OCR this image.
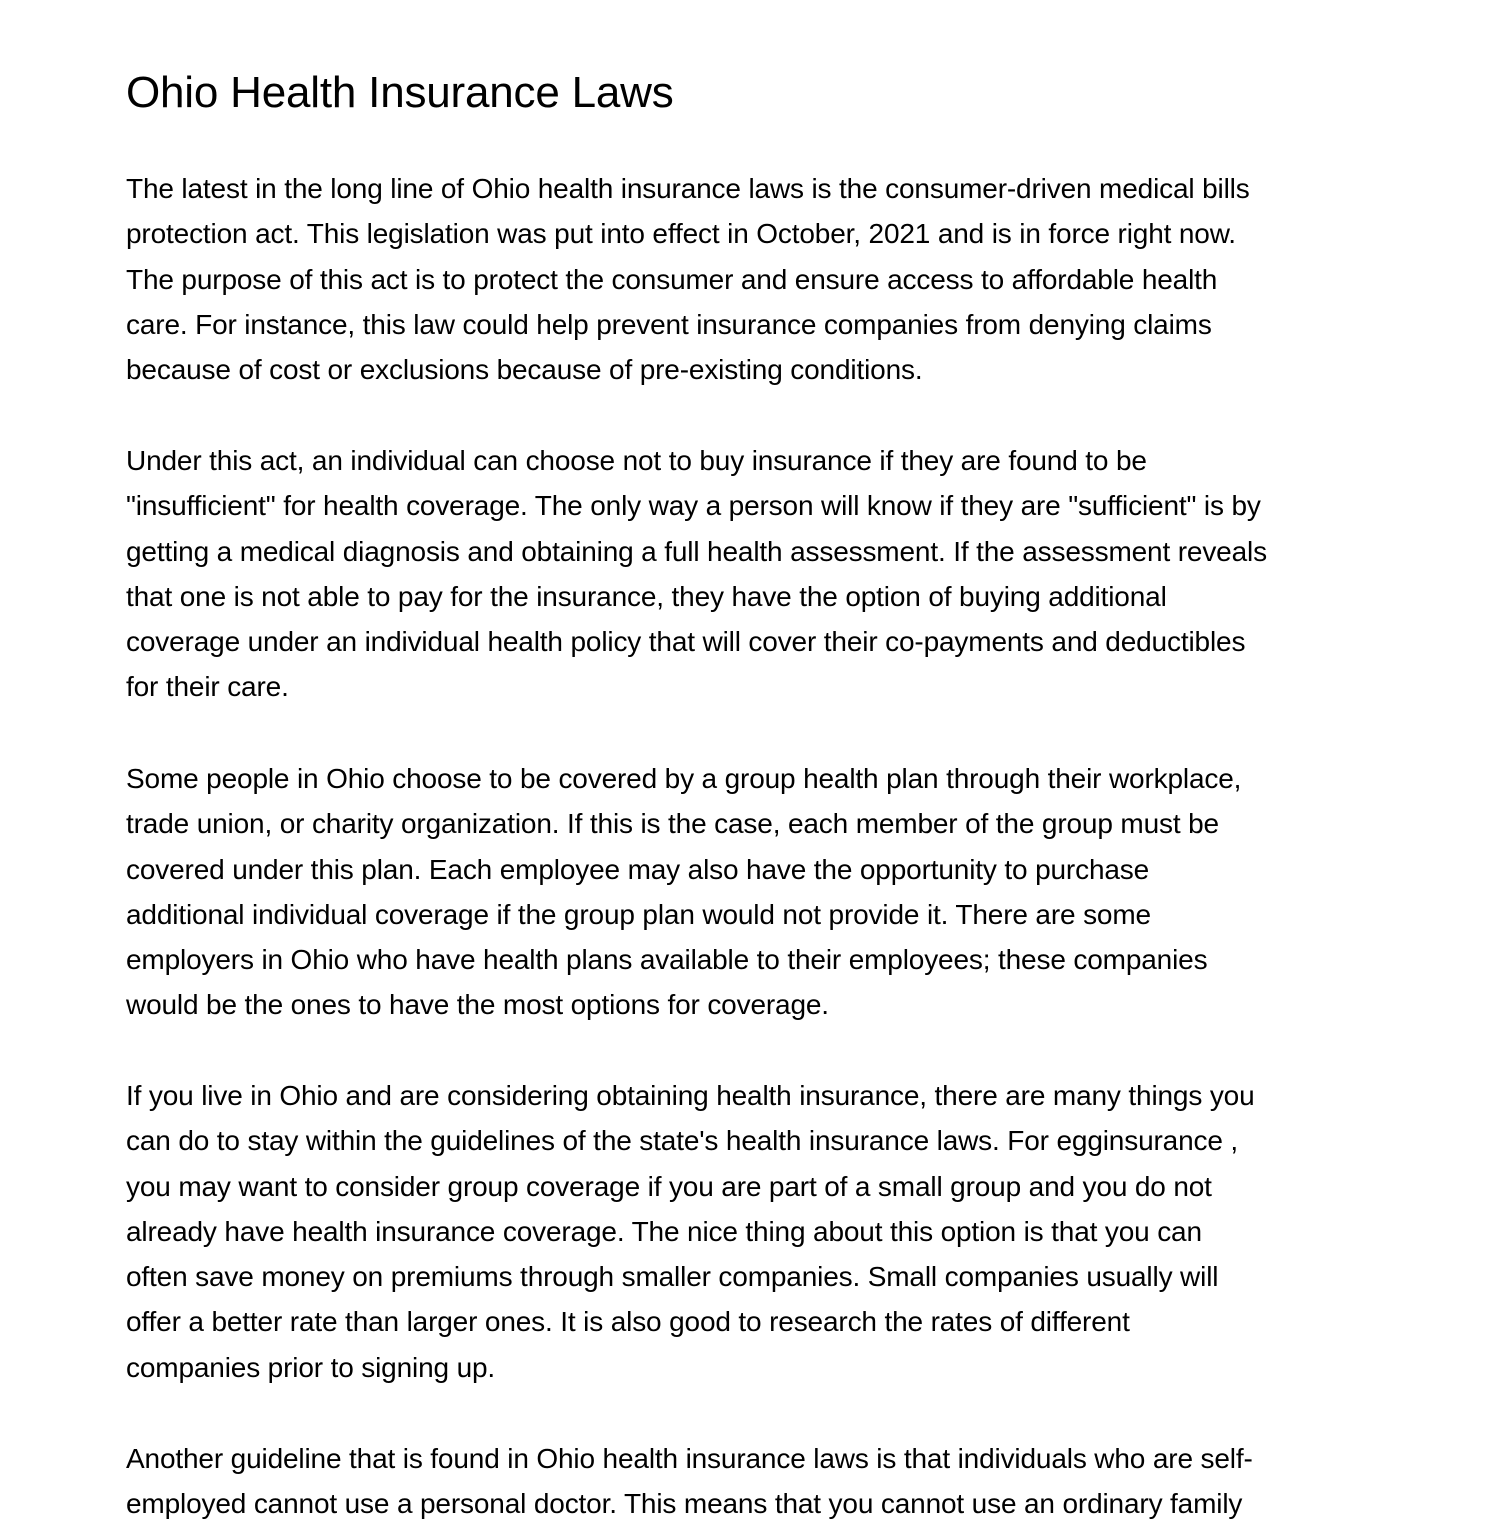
Ohio Health Insurance Laws

The latest in the long line of Ohio health insurance laws is the consumer-driven medical bills
protection act. This legislation was put into effect in October, 2021 and is in force right now.
The purpose of this act is to protect the consumer and ensure access to affordable health
care. For instance, this law could help prevent insurance companies from denying claims
because of cost or exclusions because of pre-existing conditions.

Under this act, an individual can choose not to buy insurance if they are found to be
"insufficient" for health coverage. The only way a person will know if they are "sufficient" is by
getting a medical diagnosis and obtaining a full health assessment. If the assessment reveals
that one is not able to pay for the insurance, they have the option of buying additional
coverage under an individual health policy that will cover their co-payments and deductibles
for their care.

Some people in Ohio choose to be covered by a group health plan through their workplace,
trade union, or charity organization. If this is the case, each member of the group must be
covered under this plan. Each employee may also have the opportunity to purchase
additional individual coverage if the group plan would not provide it. There are some
employers in Ohio who have health plans available to their employees; these companies
would be the ones to have the most options for coverage.

If you live in Ohio and are considering obtaining health insurance, there are many things you
can do to stay within the guidelines of the state's health insurance laws. For egginsurance ,
you may want to consider group coverage if you are part of a small group and you do not
already have health insurance coverage. The nice thing about this option is that you can
often save money on premiums through smaller companies. Small companies usually will
offer a better rate than larger ones. It is also good to research the rates of different
companies prior to signing up.

Another guideline that is found in Ohio health insurance laws is that individuals who are self-
employed cannot use a personal doctor. This means that you cannot use an ordinary family
